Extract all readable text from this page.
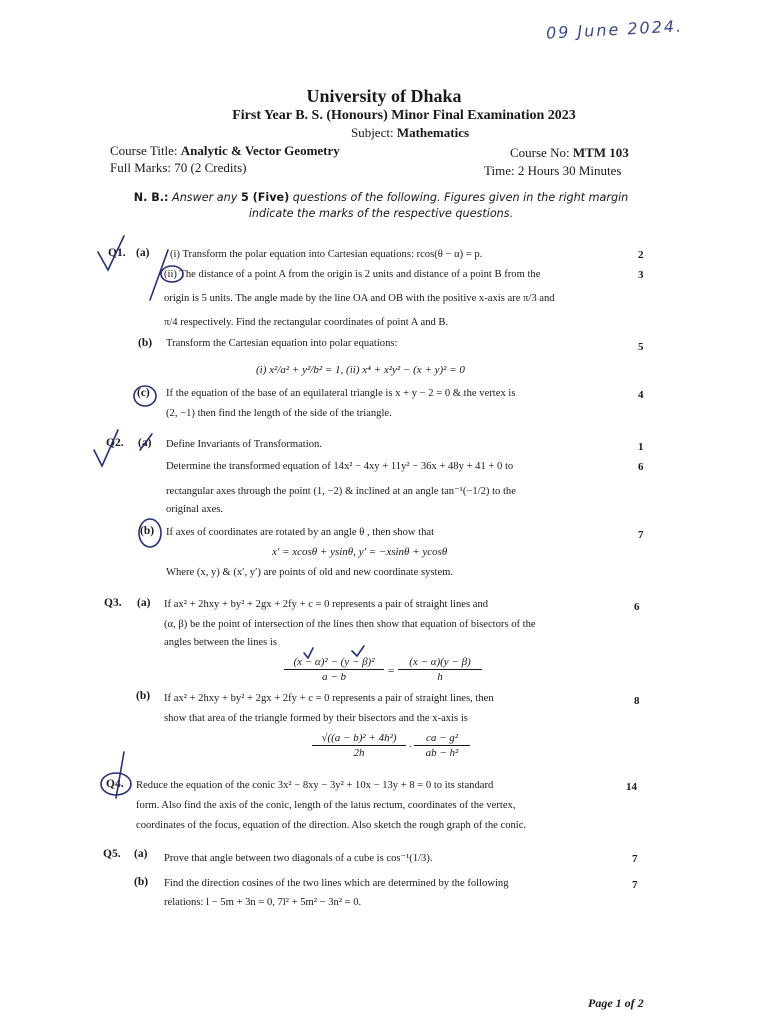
09 June 2024.
University of Dhaka
First Year B. S. (Honours) Minor Final Examination 2023
Subject: Mathematics
Course Title: Analytic & Vector Geometry	Course No: MTM 103
Full Marks: 70 (2 Credits)	Time: 2 Hours 30 Minutes
N. B.: Answer any 5 (Five) questions of the following. Figures given in the right margin indicate the marks of the respective questions.
Q1. (a) (i) Transform the polar equation into Cartesian equations: rcos(θ − α) = p.	2
(ii) The distance of a point A from the origin is 2 units and distance of a point B from the	3
origin is 5 units. The angle made by the line OA and OB with the positive x-axis are π/3 and
π/4 respectively. Find the rectangular coordinates of point A and B.
(b) Transform the Cartesian equation into polar equations:	5
(i) x²/a² + y²/b² = 1, (ii) x⁴ + x²y² − (x + y)² = 0
(c) If the equation of the base of an equilateral triangle is x + y − 2 = 0 & the vertex is	4
(2, −1) then find the length of the side of the triangle.
Q2. (a) Define Invariants of Transformation.	1
Determine the transformed equation of 14x² − 4xy + 11y² − 36x + 48y + 41 + 0 to	6
rectangular axes through the point (1, −2) & inclined at an angle tan⁻¹(−1/2) to the
original axes.
(b) If axes of coordinates are rotated by an angle θ , then show that	7
x′ = xcosθ + ysinθ, y′ = −xsinθ + ycosθ
Where (x, y) & (x′, y′) are points of old and new coordinate system.
Q3. (a) If ax² + 2hxy + by² + 2gx + 2fy + c = 0 represents a pair of straight lines and	6
(α, β) be the point of intersection of the lines then show that equation of bisectors of the
angles between the lines is
(x − α)² − (y − β)²
a − b	=
(x − α)(y − β)
h
(b) If ax² + 2hxy + by² + 2gx + 2fy + c = 0 represents a pair of straight lines, then	8
show that area of the triangle formed by their bisectors and the x-axis is
√((a − b)² + 4h²)
2h	·
ca − g²
ab − h²
Q4. Reduce the equation of the conic 3x² − 8xy − 3y² + 10x − 13y + 8 = 0 to its standard	14
form. Also find the axis of the conic, length of the latus rectum, coordinates of the vertex,
coordinates of the focus, equation of the direction. Also sketch the rough graph of the conic.
Q5. (a) Prove that angle between two diagonals of a cube is cos⁻¹(1/3).	7
(b) Find the direction cosines of the two lines which are determined by the following	7
relations: l − 5m + 3n = 0, 7l² + 5m² − 3n² = 0.
Page 1 of 2
